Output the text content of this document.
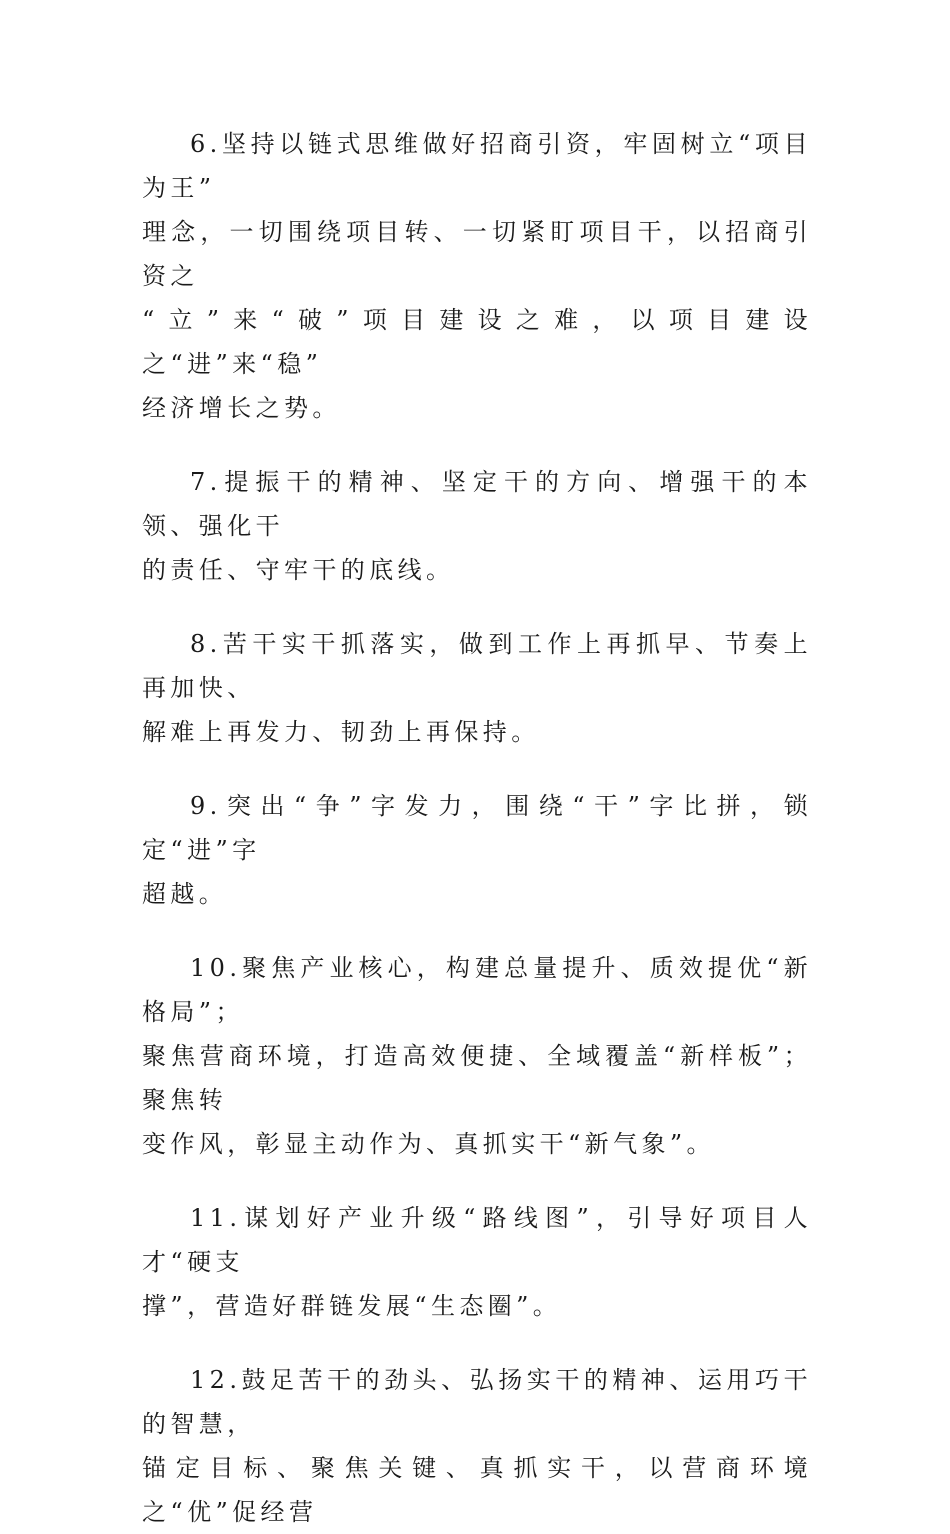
6.坚持以链式思维做好招商引资，牢固树立“项目为王”
理念，一切围绕项目转、一切紧盯项目干，以招商引资之
“立”来“破”项目建设之难，以项目建设之“进”来“稳”
经济增长之势。

7.提振干的精神、坚定干的方向、增强干的本领、强化干
的责任、守牢干的底线。

8.苦干实干抓落实，做到工作上再抓早、节奏上再加快、
解难上再发力、韧劲上再保持。

9.突出“争”字发力，围绕“干”字比拼，锁定“进”字
超越。

10.聚焦产业核心，构建总量提升、质效提优“新格局”；
聚焦营商环境，打造高效便捷、全域覆盖“新样板”；聚焦转
变作风，彰显主动作为、真抓实干“新气象”。

11.谋划好产业升级“路线图”，引导好项目人才“硬支
撑”，营造好群链发展“生态圈”。

12.鼓足苦干的劲头、弘扬实干的精神、运用巧干的智慧，
锚定目标、聚焦关键、真抓实干，以营商环境之“优”促经营
